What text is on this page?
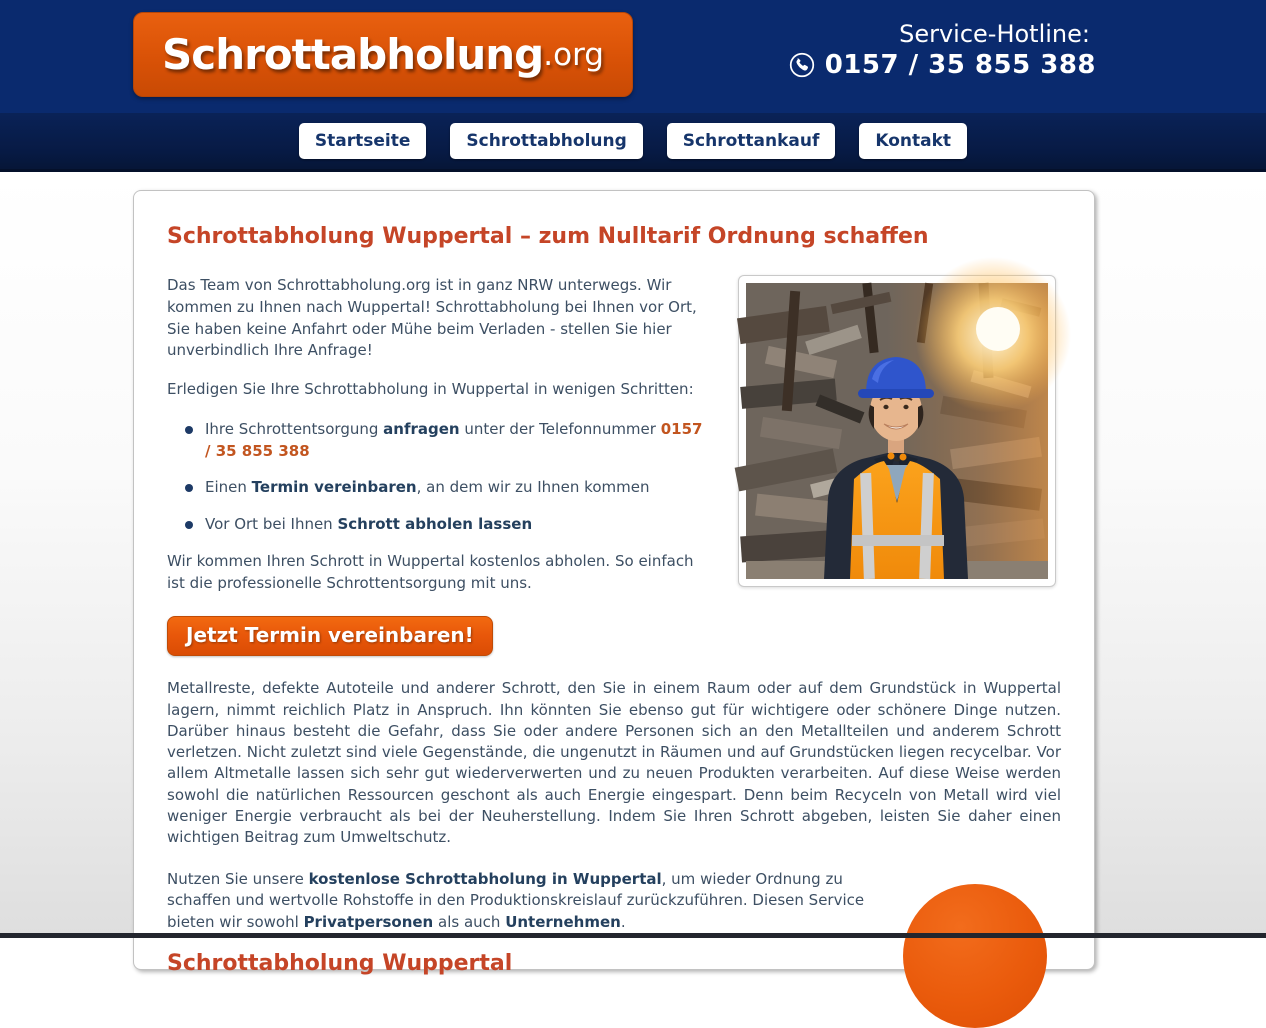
Schrottabholung .org
Service-Hotline:
0157 / 35 855 388
Startseite	Schrottabholung	Schrottankauf	Kontakt
Schrottabholung Wuppertal – zum Nulltarif Ordnung schaffen

Das Team von Schrottabholung.org ist in ganz NRW unterwegs. Wir kommen zu Ihnen nach Wuppertal! Schrottabholung bei Ihnen vor Ort, Sie haben keine Anfahrt oder Mühe beim Verladen - stellen Sie hier unverbindlich Ihre Anfrage!

Erledigen Sie Ihre Schrottabholung in Wuppertal in wenigen Schritten:

Ihre Schrottentsorgung anfragen unter der Telefonnummer 0157 / 35 855 388
Einen Termin vereinbaren, an dem wir zu Ihnen kommen
Vor Ort bei Ihnen Schrott abholen lassen

Wir kommen Ihren Schrott in Wuppertal kostenlos abholen. So einfach ist die professionelle Schrottentsorgung mit uns.

Jetzt Termin vereinbaren!

Metallreste, defekte Autoteile und anderer Schrott, den Sie in einem Raum oder auf dem Grundstück in Wuppertal lagern, nimmt reichlich Platz in Anspruch. Ihn könnten Sie ebenso gut für wichtigere oder schönere Dinge nutzen. Darüber hinaus besteht die Gefahr, dass Sie oder andere Personen sich an den Metallteilen und anderem Schrott verletzen. Nicht zuletzt sind viele Gegenstände, die ungenutzt in Räumen und auf Grundstücken liegen recycelbar. Vor allem Altmetalle lassen sich sehr gut wiederverwerten und zu neuen Produkten verarbeiten. Auf diese Weise werden sowohl die natürlichen Ressourcen geschont als auch Energie eingespart. Denn beim Recyceln von Metall wird viel weniger Energie verbraucht als bei der Neuherstellung. Indem Sie Ihren Schrott abgeben, leisten Sie daher einen wichtigen Beitrag zum Umweltschutz.

Nutzen Sie unsere kostenlose Schrottabholung in Wuppertal, um wieder Ordnung zu schaffen und wertvolle Rohstoffe in den Produktionskreislauf zurückzuführen. Diesen Service bieten wir sowohl Privatpersonen als auch Unternehmen.

Schrottabholung Wuppertal
